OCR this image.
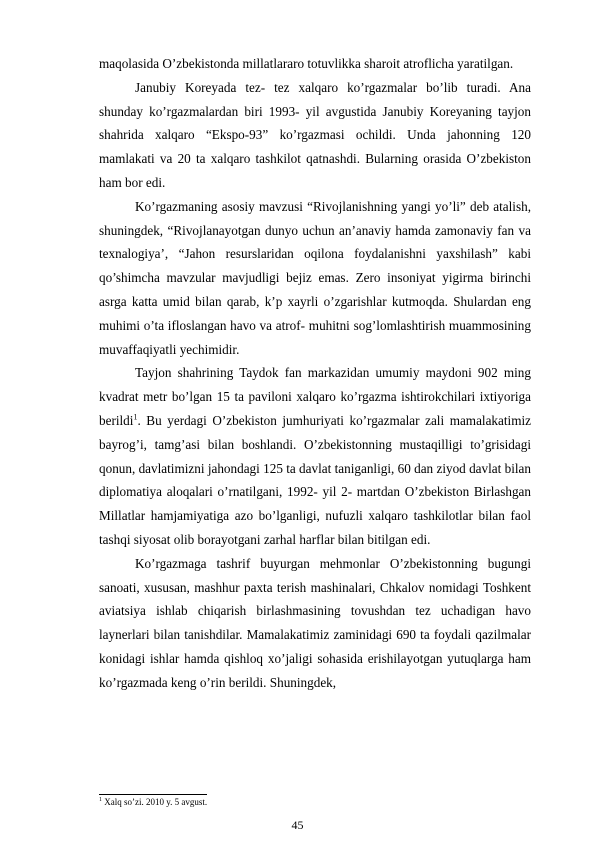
maqolasida O’zbekistonda millatlararo totuvlikka sharoit atroflicha yaratilgan.

Janubiy Koreyada tez- tez xalqaro ko’rgazmalar bo’lib turadi. Ana shunday ko’rgazmalardan biri 1993- yil avgustida Janubiy Koreyaning tayjon shahrida xalqaro “Ekspo-93” ko’rgazmasi ochildi. Unda jahonning 120 mamlakati va 20 ta xalqaro tashkilot qatnashdi. Bularning orasida O’zbekiston ham bor edi.

Ko’rgazmaning asosiy mavzusi “Rivojlanishning yangi yo’li” deb atalish, shuningdek, “Rivojlanayotgan dunyo uchun an’anaviy hamda zamonaviy fan va texnalogiya’, “Jahon resurslaridan oqilona foydalanishni yaxshilash” kabi qo’shimcha mavzular mavjudligi bejiz emas. Zero insoniyat yigirma birinchi asrga katta umid bilan qarab, k’p xayrli o’zgarishlar kutmoqda. Shulardan eng muhimi o’ta ifloslangan havo va atrof- muhitni sog’lomlashtirish muammosining muvaffaqiyatli yechimidir.

Tayjon shahrining Taydok fan markazidan umumiy maydoni 902 ming kvadrat metr bo’lgan 15 ta paviloni xalqaro ko’rgazma ishtirokchilari ixtiyoriga berildi$^1$. Bu yerdagi O’zbekiston jumhuriyati ko’rgazmalar zali mamalakatimiz bayrog’i, tamg’asi bilan boshlandi. O’zbekistonning mustaqilligi to’grisidagi qonun, davlatimizni jahondagi 125 ta davlat taniganligi, 60 dan ziyod davlat bilan diplomatiya aloqalari o’rnatilgani, 1992- yil 2- martdan O’zbekiston Birlashgan Millatlar hamjamiyatiga azo bo’lganligi, nufuzli xalqaro tashkilotlar bilan faol tashqi siyosat olib borayotgani zarhal harflar bilan bitilgan edi.

Ko’rgazmaga tashrif buyurgan mehmonlar O’zbekistonning bugungi sanoati, xususan, mashhur paxta terish mashinalari, Chkalov nomidagi Toshkent aviatsiya ishlab chiqarish birlashmasining tovushdan tez uchadigan havo laynerlari bilan tanishdilar. Mamalakatimiz zaminidagi 690 ta foydali qazilmalar konidagi ishlar hamda qishloq xo’jaligi sohasida erishilayotgan yutuqlarga ham ko’rgazmada keng o’rin berildi. Shuningdek,

$^1$ Xalq so’zi. 2010 y. 5 avgust.
45
